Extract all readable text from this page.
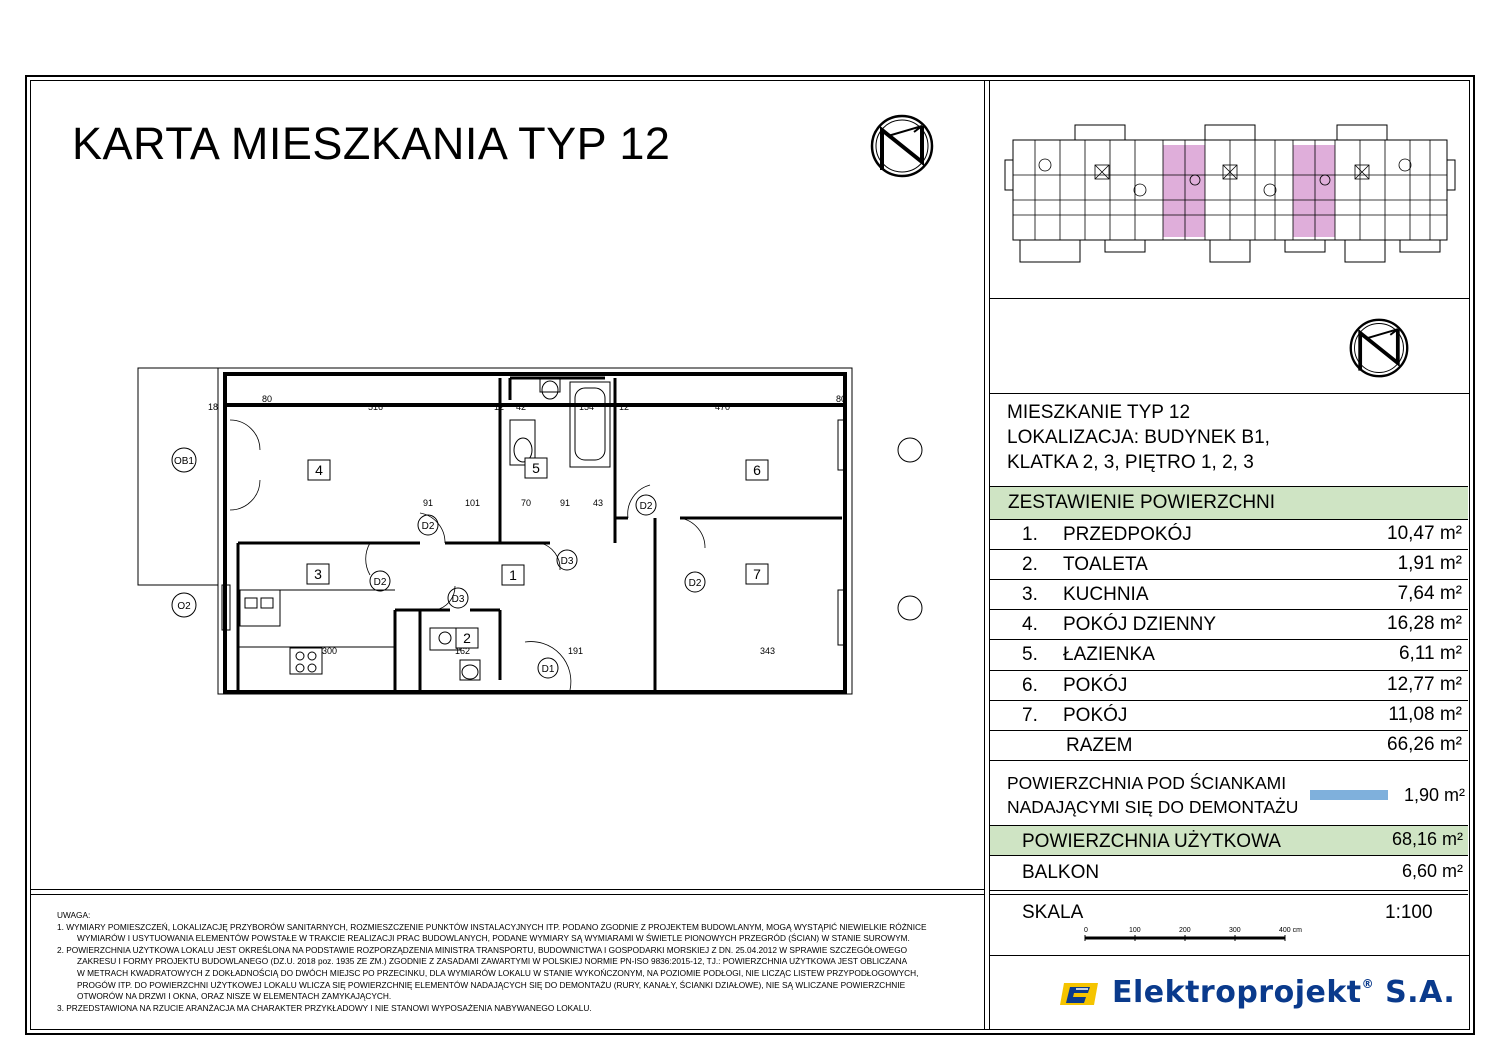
KARTA MIESZKANIA TYP 12
4
3	1
5	6
7
2
D2
D2
D3
D3
D2
D2
D1
OB1
O2
516	470
154
300	191	343
101
91	70	91	43
162
18
80	80
12 42	12	MIESZKANIE TYP 12
LOKALIZACJA: BUDYNEK B1,
KLATKA 2, 3, PIĘTRO 1, 2, 3
ZESTAWIENIE POWIERZCHNI
1. PRZEDPOKÓJ	10,47 m²
2. TOALETA	1,91 m²
3. KUCHNIA	7,64 m²
4. POKÓJ DZIENNY	16,28 m²
5. ŁAZIENKA	6,11 m²
6. POKÓJ	12,77 m²
7. POKÓJ	11,08 m²
RAZEM	66,26 m²
POWIERZCHNIA POD ŚCIANKAMI
NADAJĄCYMI SIĘ DO DEMONTAŻU
1,90 m²
POWIERZCHNIA UŻYTKOWA	68,16 m²
BALKON	6,60 m²
SKALA	1:100
0	100	200	300	400 cm

UWAGA:

1. WYMIARY POMIESZCZEŃ, LOKALIZACJĘ PRZYBORÓW SANITARNYCH, ROZMIESZCZENIE PUNKTÓW INSTALACYJNYCH ITP. PODANO ZGODNIE Z PROJEKTEM BUDOWLANYM, MOGĄ WYSTĄPIĆ NIEWIELKIE RÓŻNICE

WYMIARÓW I USYTUOWANIA ELEMENTÓW POWSTAŁE W TRAKCIE REALIZACJI PRAC BUDOWLANYCH, PODANE WYMIARY SĄ WYMIARAMI W ŚWIETLE PIONOWYCH PRZEGRÓD (ŚCIAN) W STANIE SUROWYM.

2. POWIERZCHNIA UŻYTKOWA LOKALU JEST OKREŚLONA NA PODSTAWIE ROZPORZĄDZENIA MINISTRA TRANSPORTU, BUDOWNICTWA I GOSPODARKI MORSKIEJ Z DN. 25.04.2012 W SPRAWIE SZCZEGÓŁOWEGO

ZAKRESU I FORMY PROJEKTU BUDOWLANEGO (DZ.U. 2018 poz. 1935 ZE ZM.) ZGODNIE Z ZASADAMI ZAWARTYMI W POLSKIEJ NORMIE PN-ISO 9836:2015-12, TJ.: POWIERZCHNIA UŻYTKOWA JEST OBLICZANA

W METRACH KWADRATOWYCH Z DOKŁADNOŚCIĄ DO DWÓCH MIEJSC PO PRZECINKU, DLA WYMIARÓW LOKALU W STANIE WYKOŃCZONYM, NA POZIOMIE PODŁOGI, NIE LICZĄC LISTEW PRZYPODŁOGOWYCH,

PROGÓW ITP. DO POWIERZCHNI UŻYTKOWEJ LOKALU WLICZA SIĘ POWIERZCHNIĘ ELEMENTÓW NADAJĄCYCH SIĘ DO DEMONTAŻU (RURY, KANAŁY, ŚCIANKI DZIAŁOWE), NIE SĄ WLICZANE POWIERZCHNIE

OTWORÓW NA DRZWI I OKNA, ORAZ NISZE W ELEMENTACH ZAMYKAJĄCYCH.

3. PRZEDSTAWIONA NA RZUCIE ARANŻACJA MA CHARAKTER PRZYKŁADOWY I NIE STANOWI WYPOSAŻENIA NABYWANEGO LOKALU.	Elektroprojekt® S.A.
